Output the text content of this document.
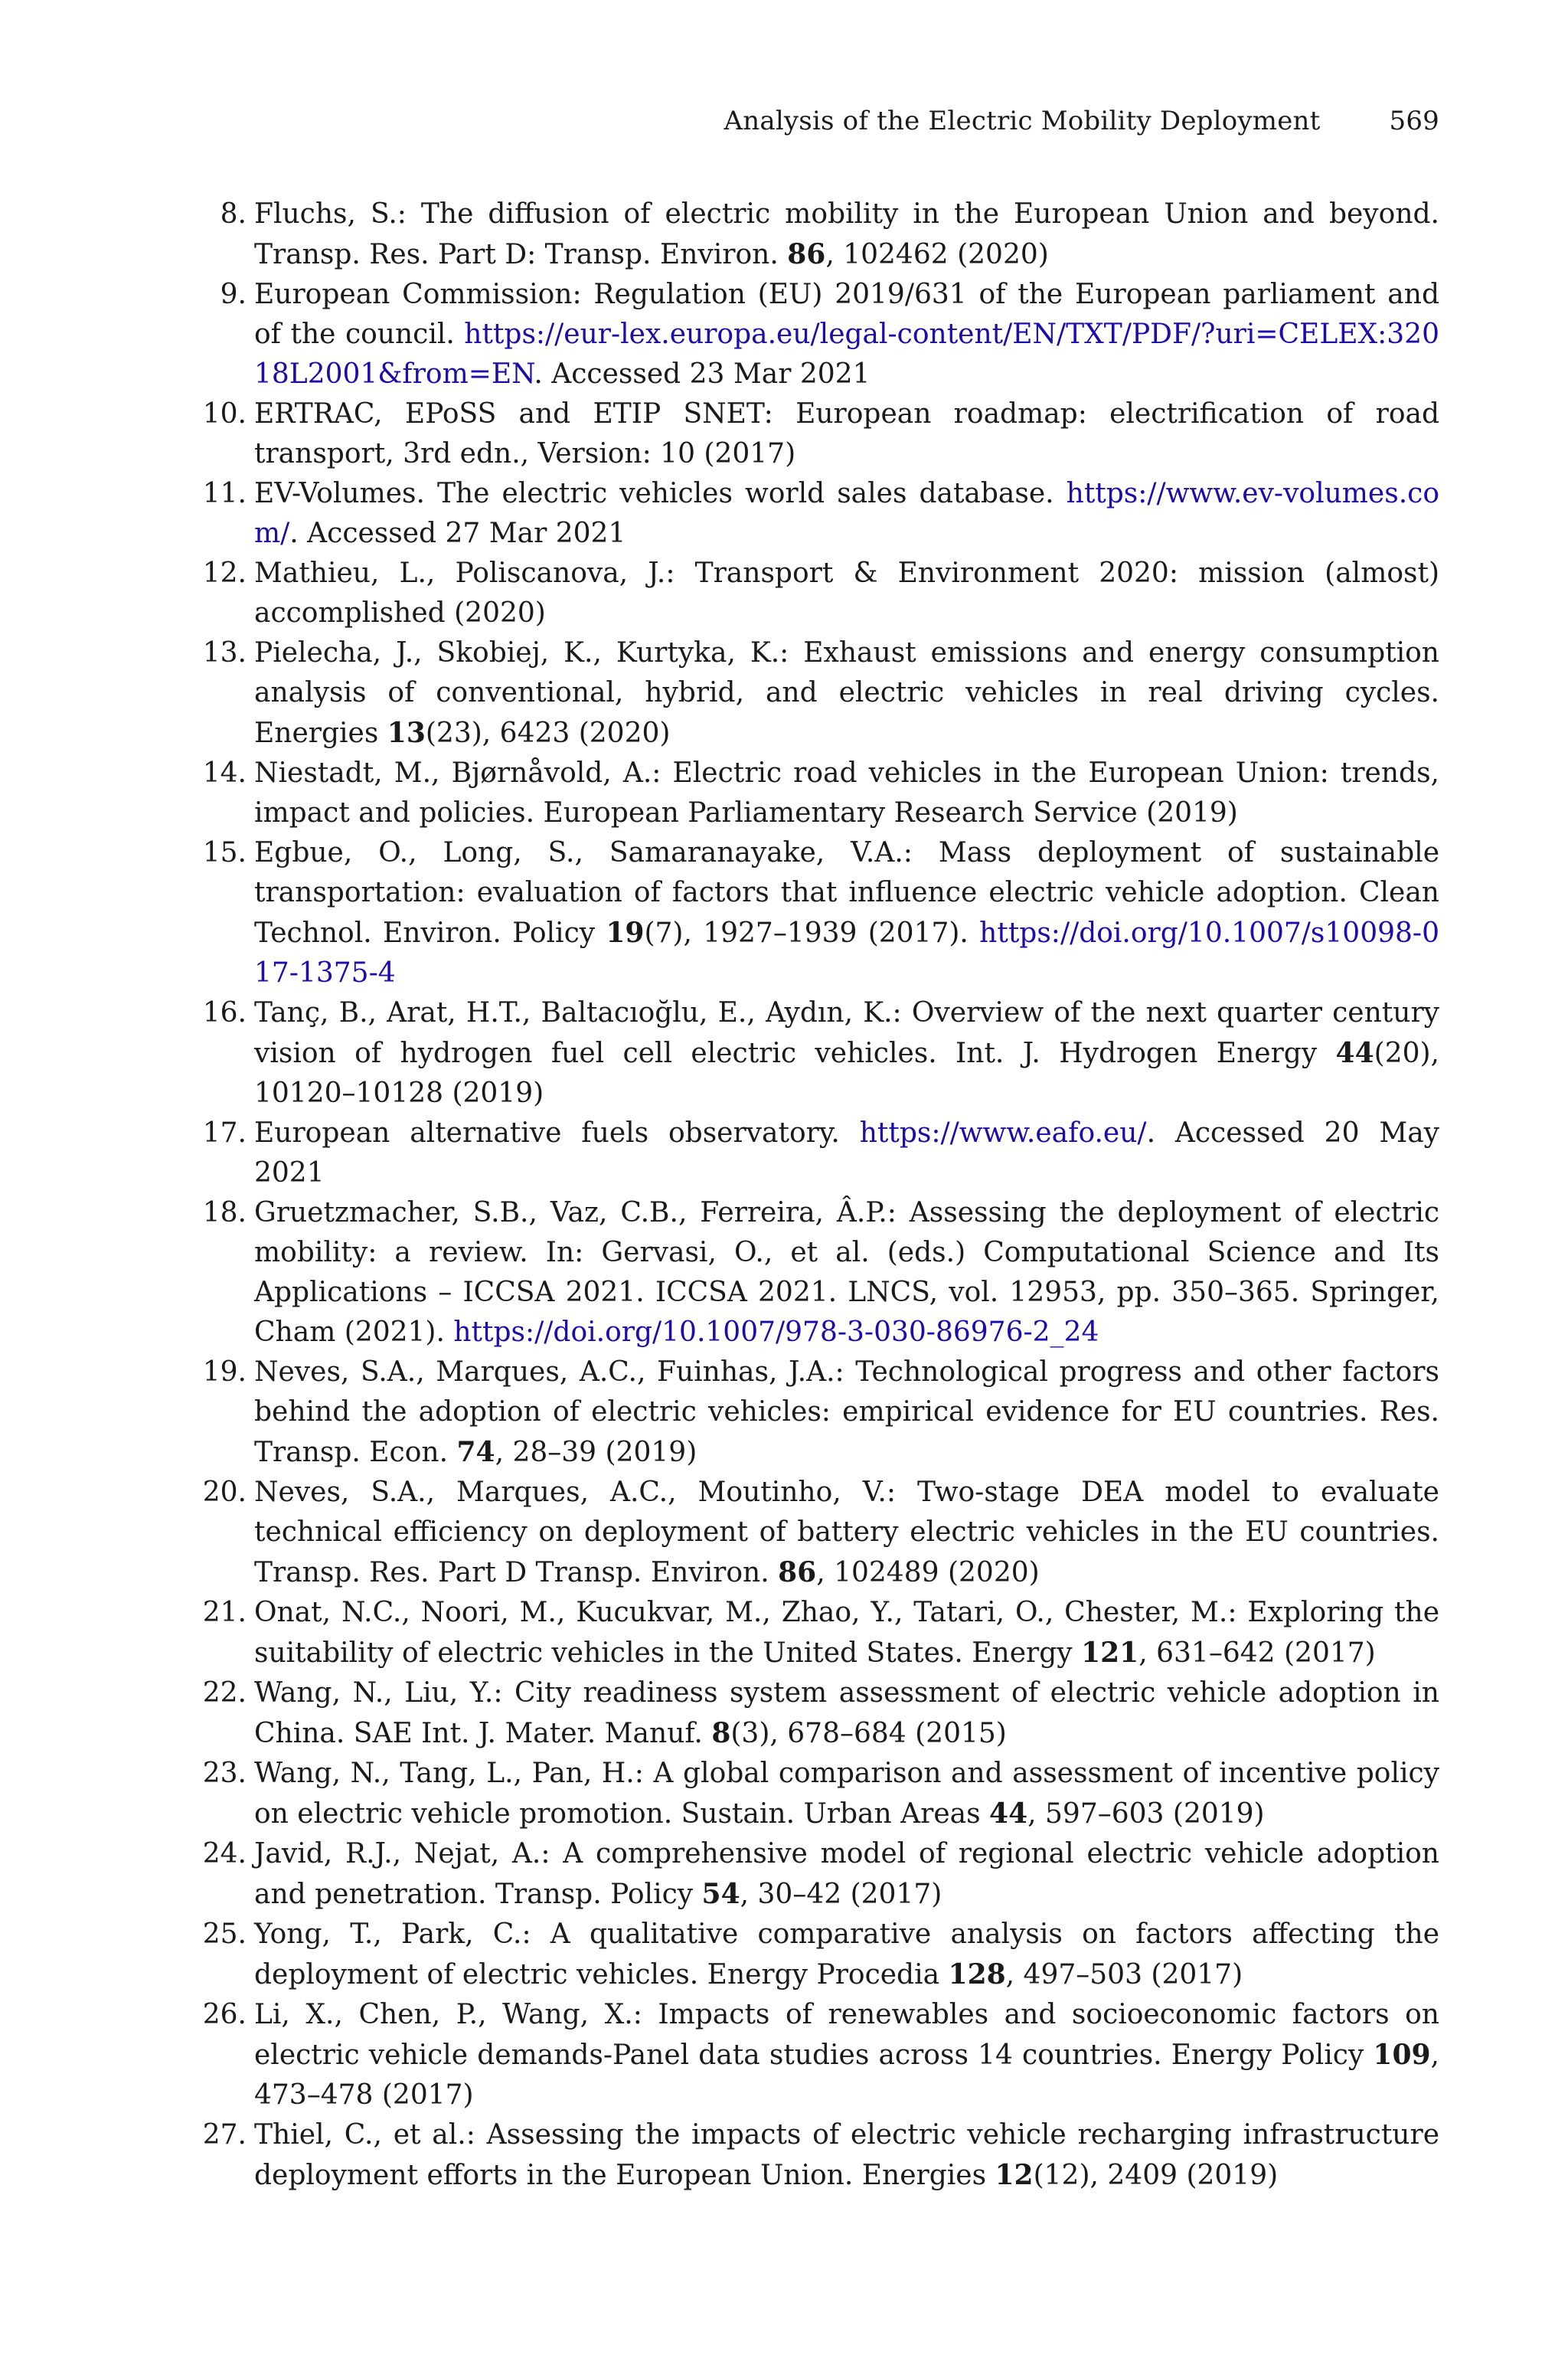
Analysis of the Electric Mobility Deployment	569
8. Fluchs, S.: The diffusion of electric mobility in the European Union and beyond. Transp. Res. Part D: Transp. Environ. 86, 102462 (2020)
9. European Commission: Regulation (EU) 2019/631 of the European parliament and of the council. https://eur-lex.europa.eu/legal-content/EN/TXT/PDF/?uri=CELEX:32018L2001&from=EN. Accessed 23 Mar 2021
10. ERTRAC, EPoSS and ETIP SNET: European roadmap: electrification of road transport, 3rd edn., Version: 10 (2017)
11. EV-Volumes. The electric vehicles world sales database. https://www.ev-volumes.com/. Accessed 27 Mar 2021
12. Mathieu, L., Poliscanova, J.: Transport & Environment 2020: mission (almost) accomplished (2020)
13. Pielecha, J., Skobiej, K., Kurtyka, K.: Exhaust emissions and energy consumption analysis of conventional, hybrid, and electric vehicles in real driving cycles. Energies 13(23), 6423 (2020)
14. Niestadt, M., Bjørnåvold, A.: Electric road vehicles in the European Union: trends, impact and policies. European Parliamentary Research Service (2019)
15. Egbue, O., Long, S., Samaranayake, V.A.: Mass deployment of sustainable transportation: evaluation of factors that influence electric vehicle adoption. Clean Technol. Environ. Policy 19(7), 1927–1939 (2017). https://doi.org/10.1007/s10098-017-1375-4
16. Tanç, B., Arat, H.T., Baltacıoğlu, E., Aydın, K.: Overview of the next quarter century vision of hydrogen fuel cell electric vehicles. Int. J. Hydrogen Energy 44(20), 10120–10128 (2019)
17. European alternative fuels observatory. https://www.eafo.eu/. Accessed 20 May 2021
18. Gruetzmacher, S.B., Vaz, C.B., Ferreira, Â.P.: Assessing the deployment of electric mobility: a review. In: Gervasi, O., et al. (eds.) Computational Science and Its Applications – ICCSA 2021. ICCSA 2021. LNCS, vol. 12953, pp. 350–365. Springer, Cham (2021). https://doi.org/10.1007/978-3-030-86976-2_24
19. Neves, S.A., Marques, A.C., Fuinhas, J.A.: Technological progress and other factors behind the adoption of electric vehicles: empirical evidence for EU countries. Res. Transp. Econ. 74, 28–39 (2019)
20. Neves, S.A., Marques, A.C., Moutinho, V.: Two-stage DEA model to evaluate technical efficiency on deployment of battery electric vehicles in the EU countries. Transp. Res. Part D Transp. Environ. 86, 102489 (2020)
21. Onat, N.C., Noori, M., Kucukvar, M., Zhao, Y., Tatari, O., Chester, M.: Exploring the suitability of electric vehicles in the United States. Energy 121, 631–642 (2017)
22. Wang, N., Liu, Y.: City readiness system assessment of electric vehicle adoption in China. SAE Int. J. Mater. Manuf. 8(3), 678–684 (2015)
23. Wang, N., Tang, L., Pan, H.: A global comparison and assessment of incentive policy on electric vehicle promotion. Sustain. Urban Areas 44, 597–603 (2019)
24. Javid, R.J., Nejat, A.: A comprehensive model of regional electric vehicle adoption and penetration. Transp. Policy 54, 30–42 (2017)
25. Yong, T., Park, C.: A qualitative comparative analysis on factors affecting the deployment of electric vehicles. Energy Procedia 128, 497–503 (2017)
26. Li, X., Chen, P., Wang, X.: Impacts of renewables and socioeconomic factors on electric vehicle demands-Panel data studies across 14 countries. Energy Policy 109, 473–478 (2017)
27. Thiel, C., et al.: Assessing the impacts of electric vehicle recharging infrastructure deployment efforts in the European Union. Energies 12(12), 2409 (2019)
